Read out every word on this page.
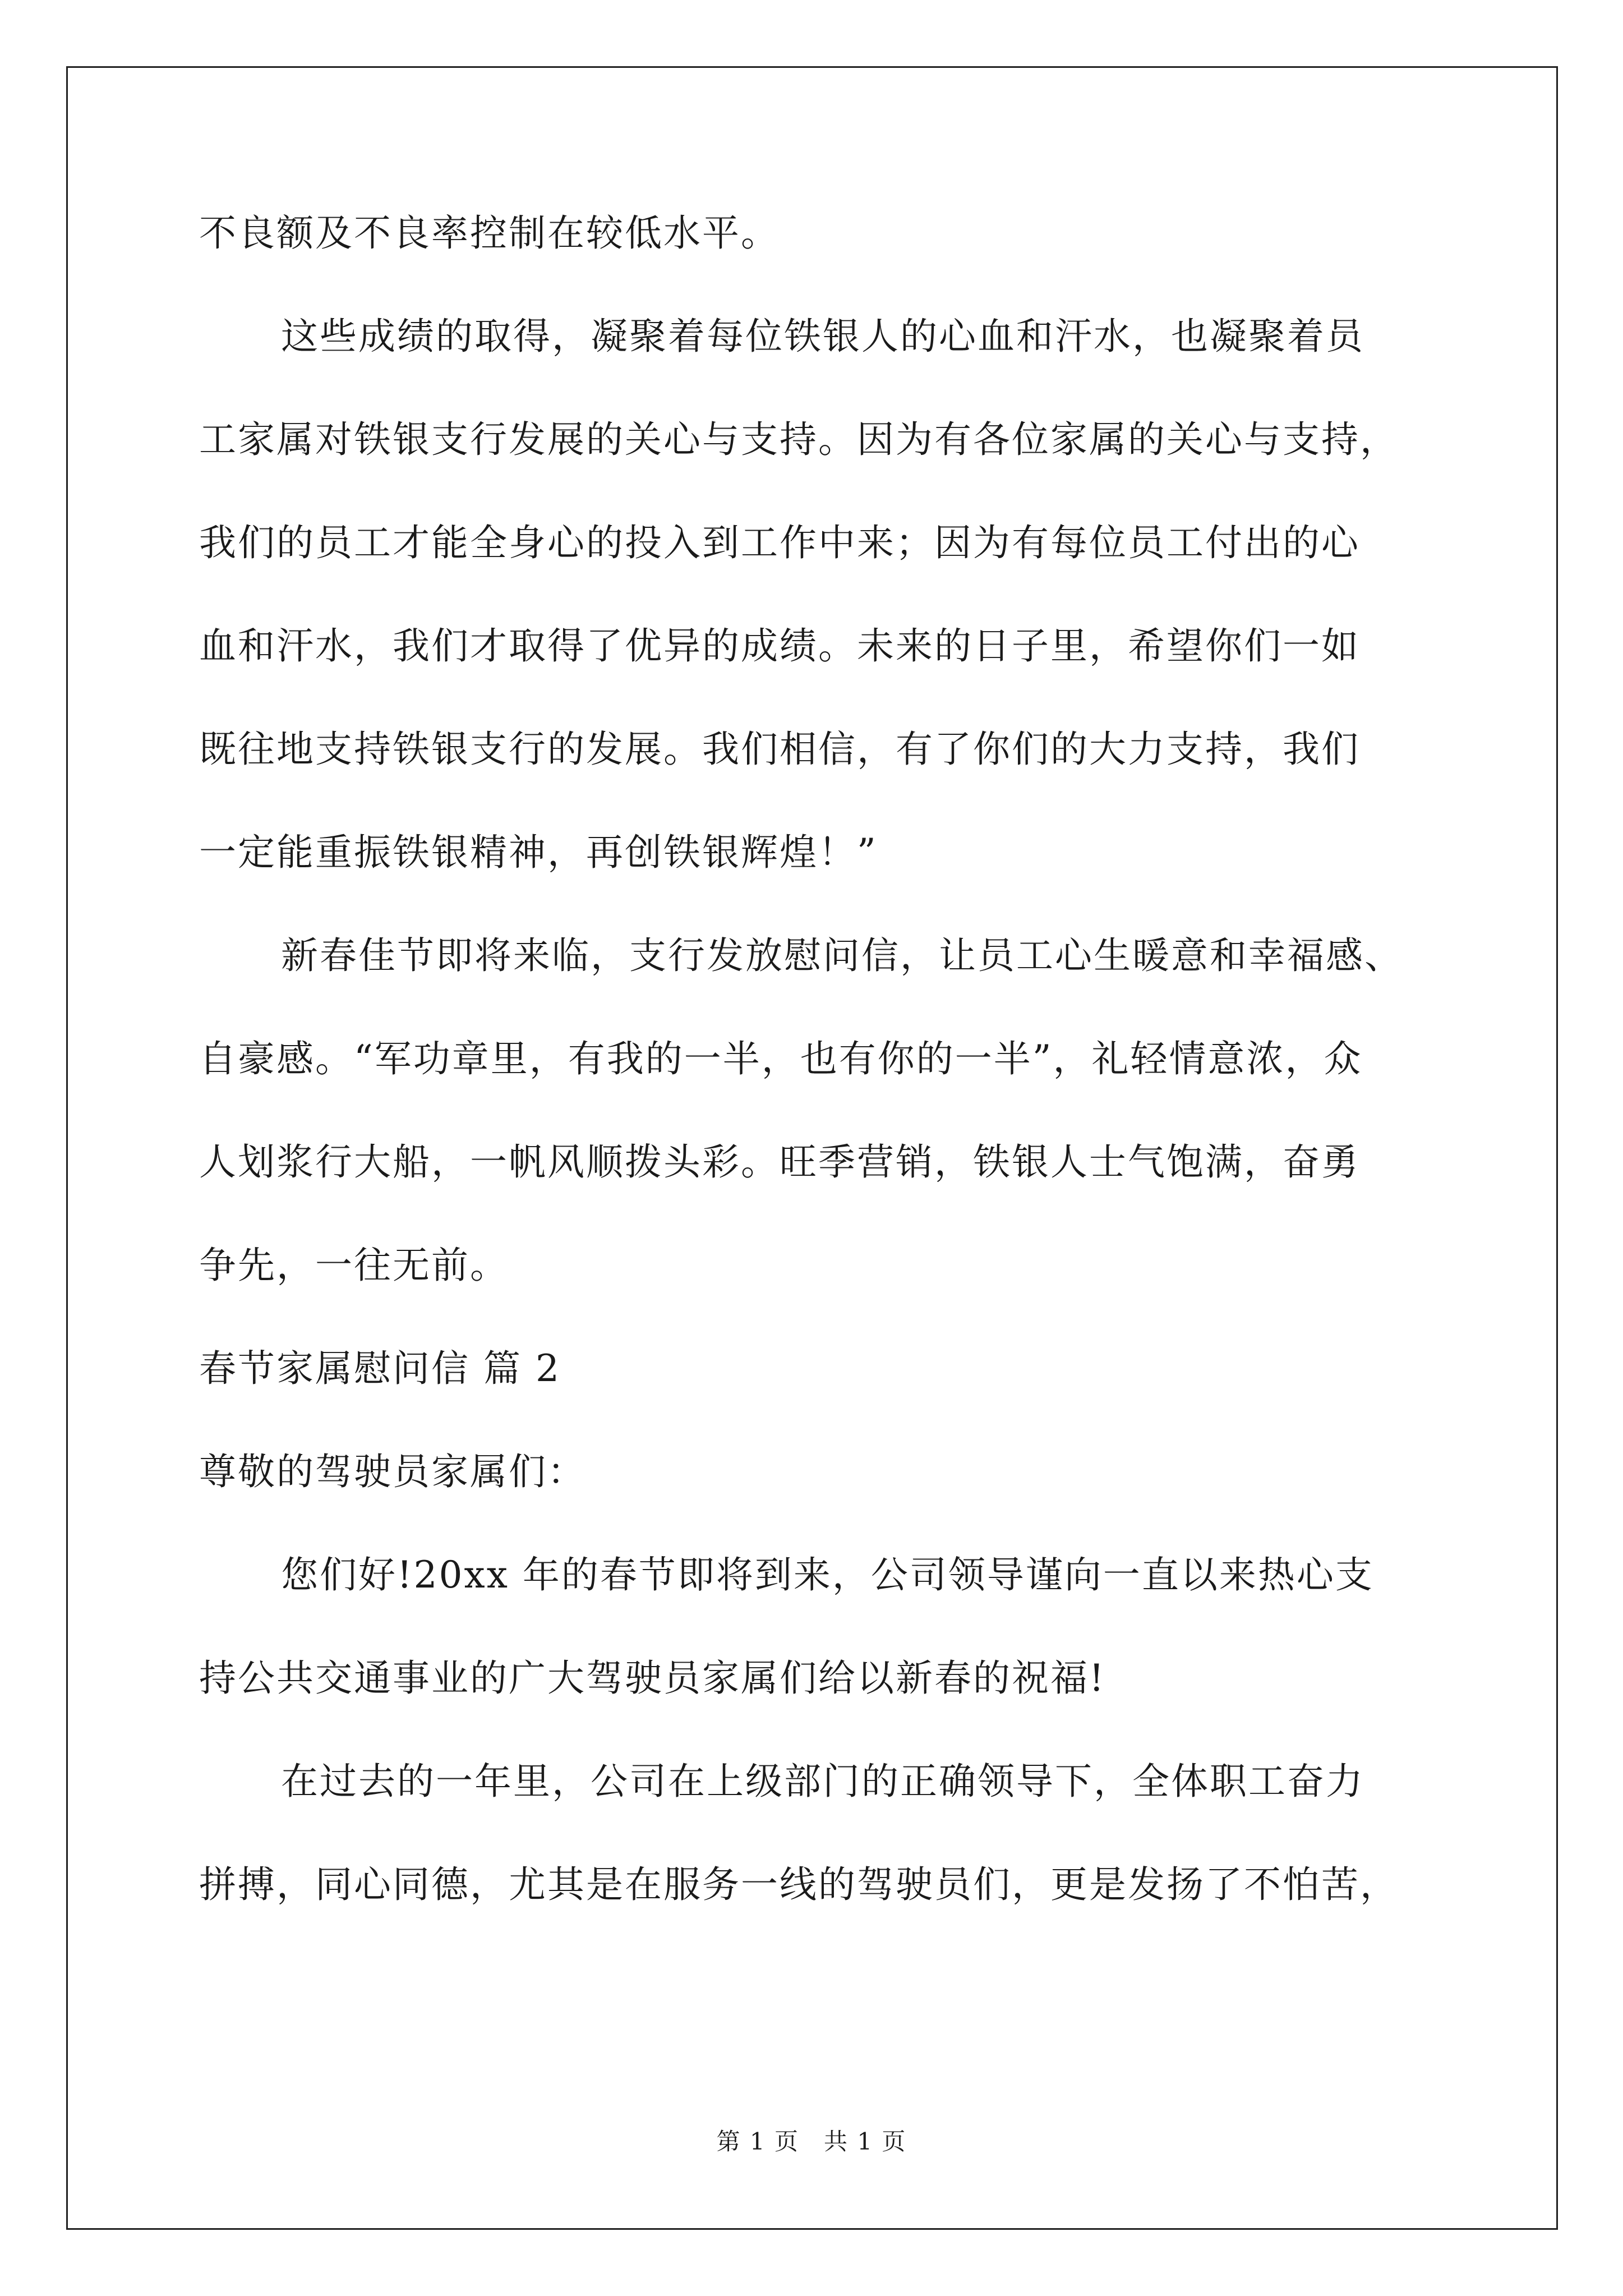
不良额及不良率控制在较低水平。
这些成绩的取得，凝聚着每位铁银人的心血和汗水，也凝聚着员
工家属对铁银支行发展的关心与支持。因为有各位家属的关心与支持，
我们的员工才能全身心的投入到工作中来；因为有每位员工付出的心
血和汗水，我们才取得了优异的成绩。未来的日子里，希望你们一如
既往地支持铁银支行的发展。我们相信，有了你们的大力支持，我们
一定能重振铁银精神，再创铁银辉煌！”
新春佳节即将来临，支行发放慰问信，让员工心生暖意和幸福感、
自豪感。“军功章里，有我的一半，也有你的一半”，礼轻情意浓，众
人划浆行大船，一帆风顺拨头彩。旺季营销，铁银人士气饱满，奋勇
争先，一往无前。
春节家属慰问信 篇 2
尊敬的驾驶员家属们：
您们好!20xx 年的春节即将到来，公司领导谨向一直以来热心支
持公共交通事业的广大驾驶员家属们给以新春的祝福!
在过去的一年里，公司在上级部门的正确领导下，全体职工奋力
拼搏，同心同德，尤其是在服务一线的驾驶员们，更是发扬了不怕苦，
第 1 页　共 1 页
